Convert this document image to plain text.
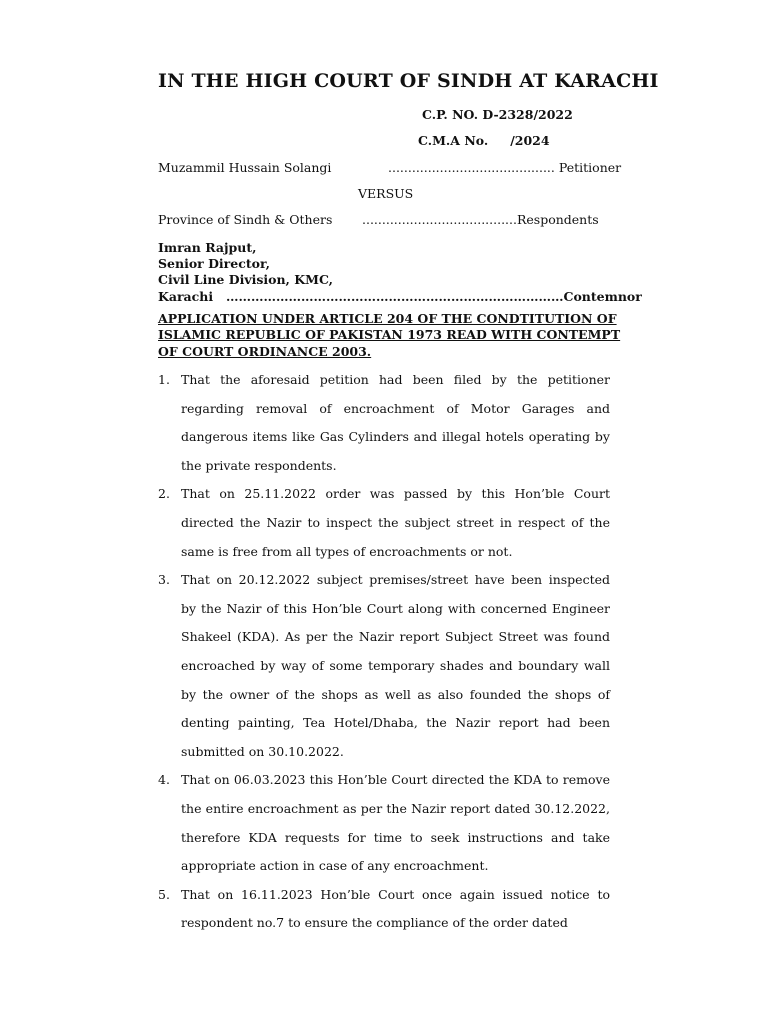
IN THE HIGH COURT OF SINDH AT KARACHI
C.P. NO. D-2328/2022
C.M.A No. /2024
Muzammil Hussain Solangi	.......................................... Petitioner
VERSUS
Province of Sindh & Others .......................................Respondents
Imran Rajput,
Senior Director,
Civil Line Division, KMC,
Karachi ………………………………………………………………………Contemnor
APPLICATION UNDER ARTICLE 204 OF THE CONDTITUTION OF
ISLAMIC REPUBLIC OF PAKISTAN 1973 READ WITH CONTEMPT
OF COURT ORDINANCE 2003.
1. That the aforesaid petition had been filed by the petitioner regarding removal of encroachment of Motor Garages and dangerous items like Gas Cylinders and illegal hotels operating by the private respondents.
2. That on 25.11.2022 order was passed by this Hon’ble Court directed the Nazir to inspect the subject street in respect of the same is free from all types of encroachments or not.
3. That on 20.12.2022 subject premises/street have been inspected by the Nazir of this Hon’ble Court along with concerned Engineer Shakeel (KDA). As per the Nazir report Subject Street was found encroached by way of some temporary shades and boundary wall by the owner of the shops as well as also founded the shops of denting painting, Tea Hotel/Dhaba, the Nazir report had been submitted on 30.10.2022.
4. That on 06.03.2023 this Hon’ble Court directed the KDA to remove the entire encroachment as per the Nazir report dated 30.12.2022, therefore KDA requests for time to seek instructions and take appropriate action in case of any encroachment.
5. That on 16.11.2023 Hon’ble Court once again issued notice to respondent no.7 to ensure the compliance of the order dated
